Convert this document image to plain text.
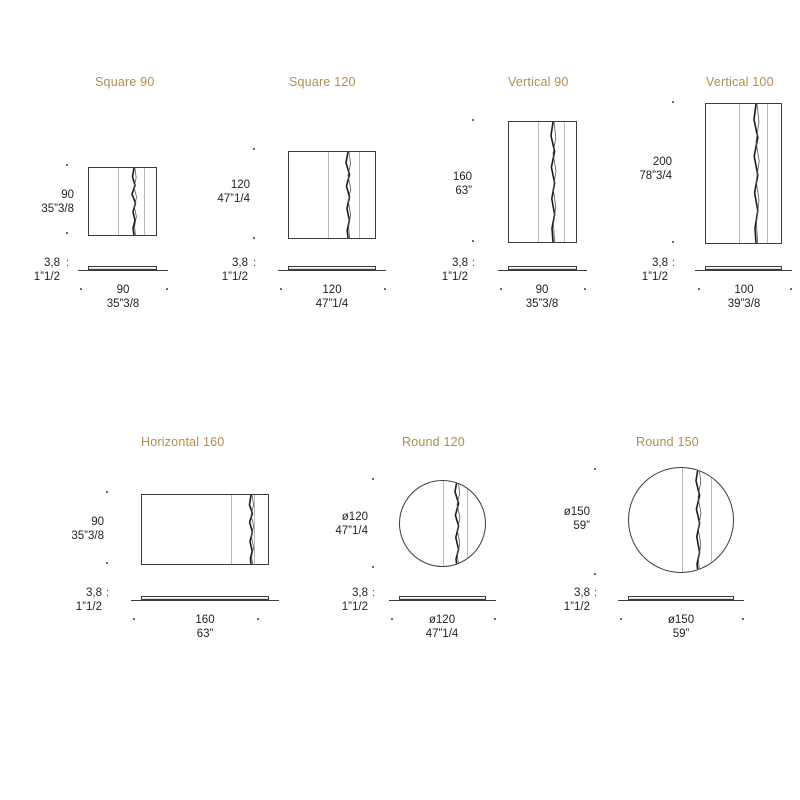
Square 90
90
35”3/8
:
3,8
1”1/2
90
35”3/8
Square 120
120
47”1/4
:
3,8
1”1/2
120
47”1/4
Vertical 90
160
63”
:
3,8
1”1/2
90
35”3/8
Vertical 100
200
78”3/4
:
3,8
1”1/2
100
39”3/8
Horizontal 160
90
35”3/8
:
3,8
1”1/2
160
63”
Round 120
ø120
47”1/4
:
3,8
1”1/2
ø120
47”1/4
Round 150
ø150
59”
:
3,8
1”1/2
ø150
59”
